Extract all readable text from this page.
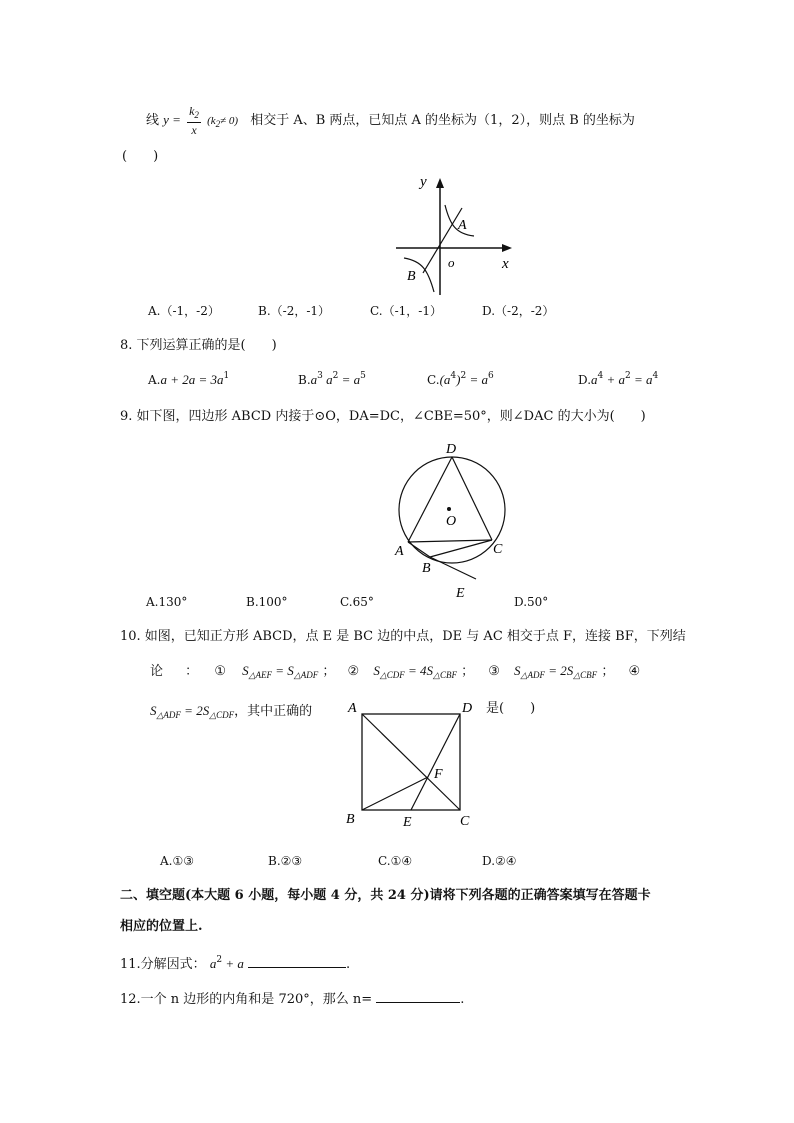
线 $y = \frac{k_2}{x} (k_2\ne 0)$ 相交于 A、B 两点，已知点 A 的坐标为（1，2），则点 B 的坐标为
(　　)
y
x
o
A
B
A.（-1，-2）	B.（-2，-1）	C.（-1，-1）	D.（-2，-2）
8. 下列运算正确的是(　　)
$A.a + 2a = 3a^1$	$B.a^3$ $a^2 = a^5$	$C.(a^4)^2 = a^6$	$D.a^4 + a^2 = a^4$
9. 如下图，四边形 ABCD 内接于⊙O，DA=DC，∠CBE=50°，则∠DAC 的大小为(　　)
D
O
A
B
C
E
A.130°	B.100°	C.65°	D.50°
10. 如图，已知正方形 ABCD，点 E 是 BC 边的中点，DE 与 AC 相交于点 F，连接 BF，下列结
论 ： ① $S_{\triangle AEF} = S_{\triangle ADF}$ ； ② $S_{\triangle CDF} = 4S_{\triangle CBF}$ ； ③ $S_{\triangle ADF} = 2S_{\triangle CBF}$ ； ④
$S_{\triangle ADF} = 2S_{\triangle CDF}$，其中正确的	是(　　)
A	D
F
B	E	C
A.①③	B.②③	C.①④	D.②④
二、填空题(本大题 6 小题，每小题 4 分，共 24 分)请将下列各题的正确答案填写在答题卡
相应的位置上.
11.分解因式： $a^2 + a$	.
12.一个 n 边形的内角和是 720°，那么 n=	.
